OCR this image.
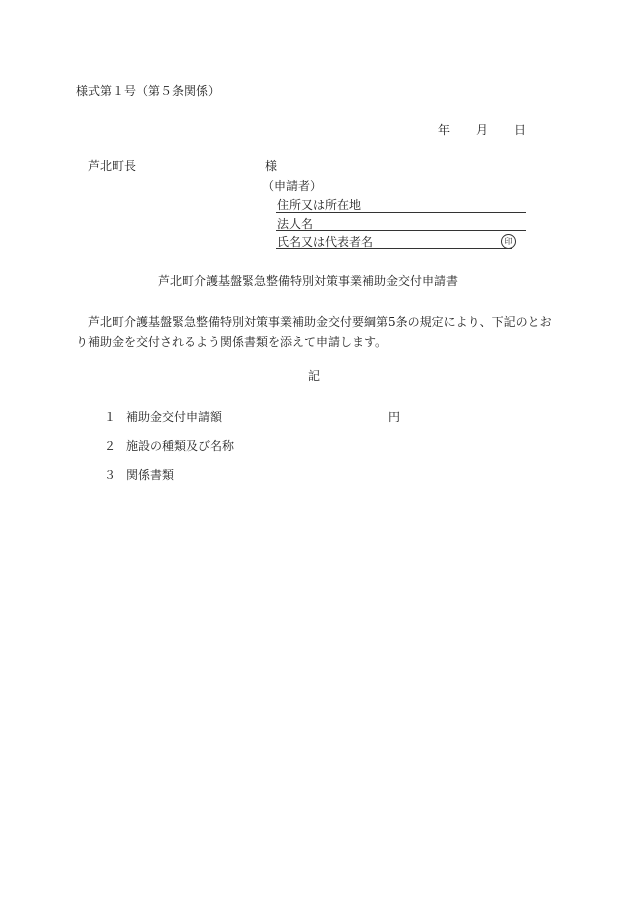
様式第１号（第５条関係）
年 月 日
芦北町長	様
（申請者）
住所又は所在地
法人名
氏名又は代表者名	印
芦北町介護基盤緊急整備特別対策事業補助金交付申請書
芦北町介護基盤緊急整備特別対策事業補助金交付要綱第5条の規定により、下記のとおり補助金を交付されるよう関係書類を添えて申請します。
記
１ 補助金交付申請額	円
２ 施設の種類及び名称
３ 関係書類
